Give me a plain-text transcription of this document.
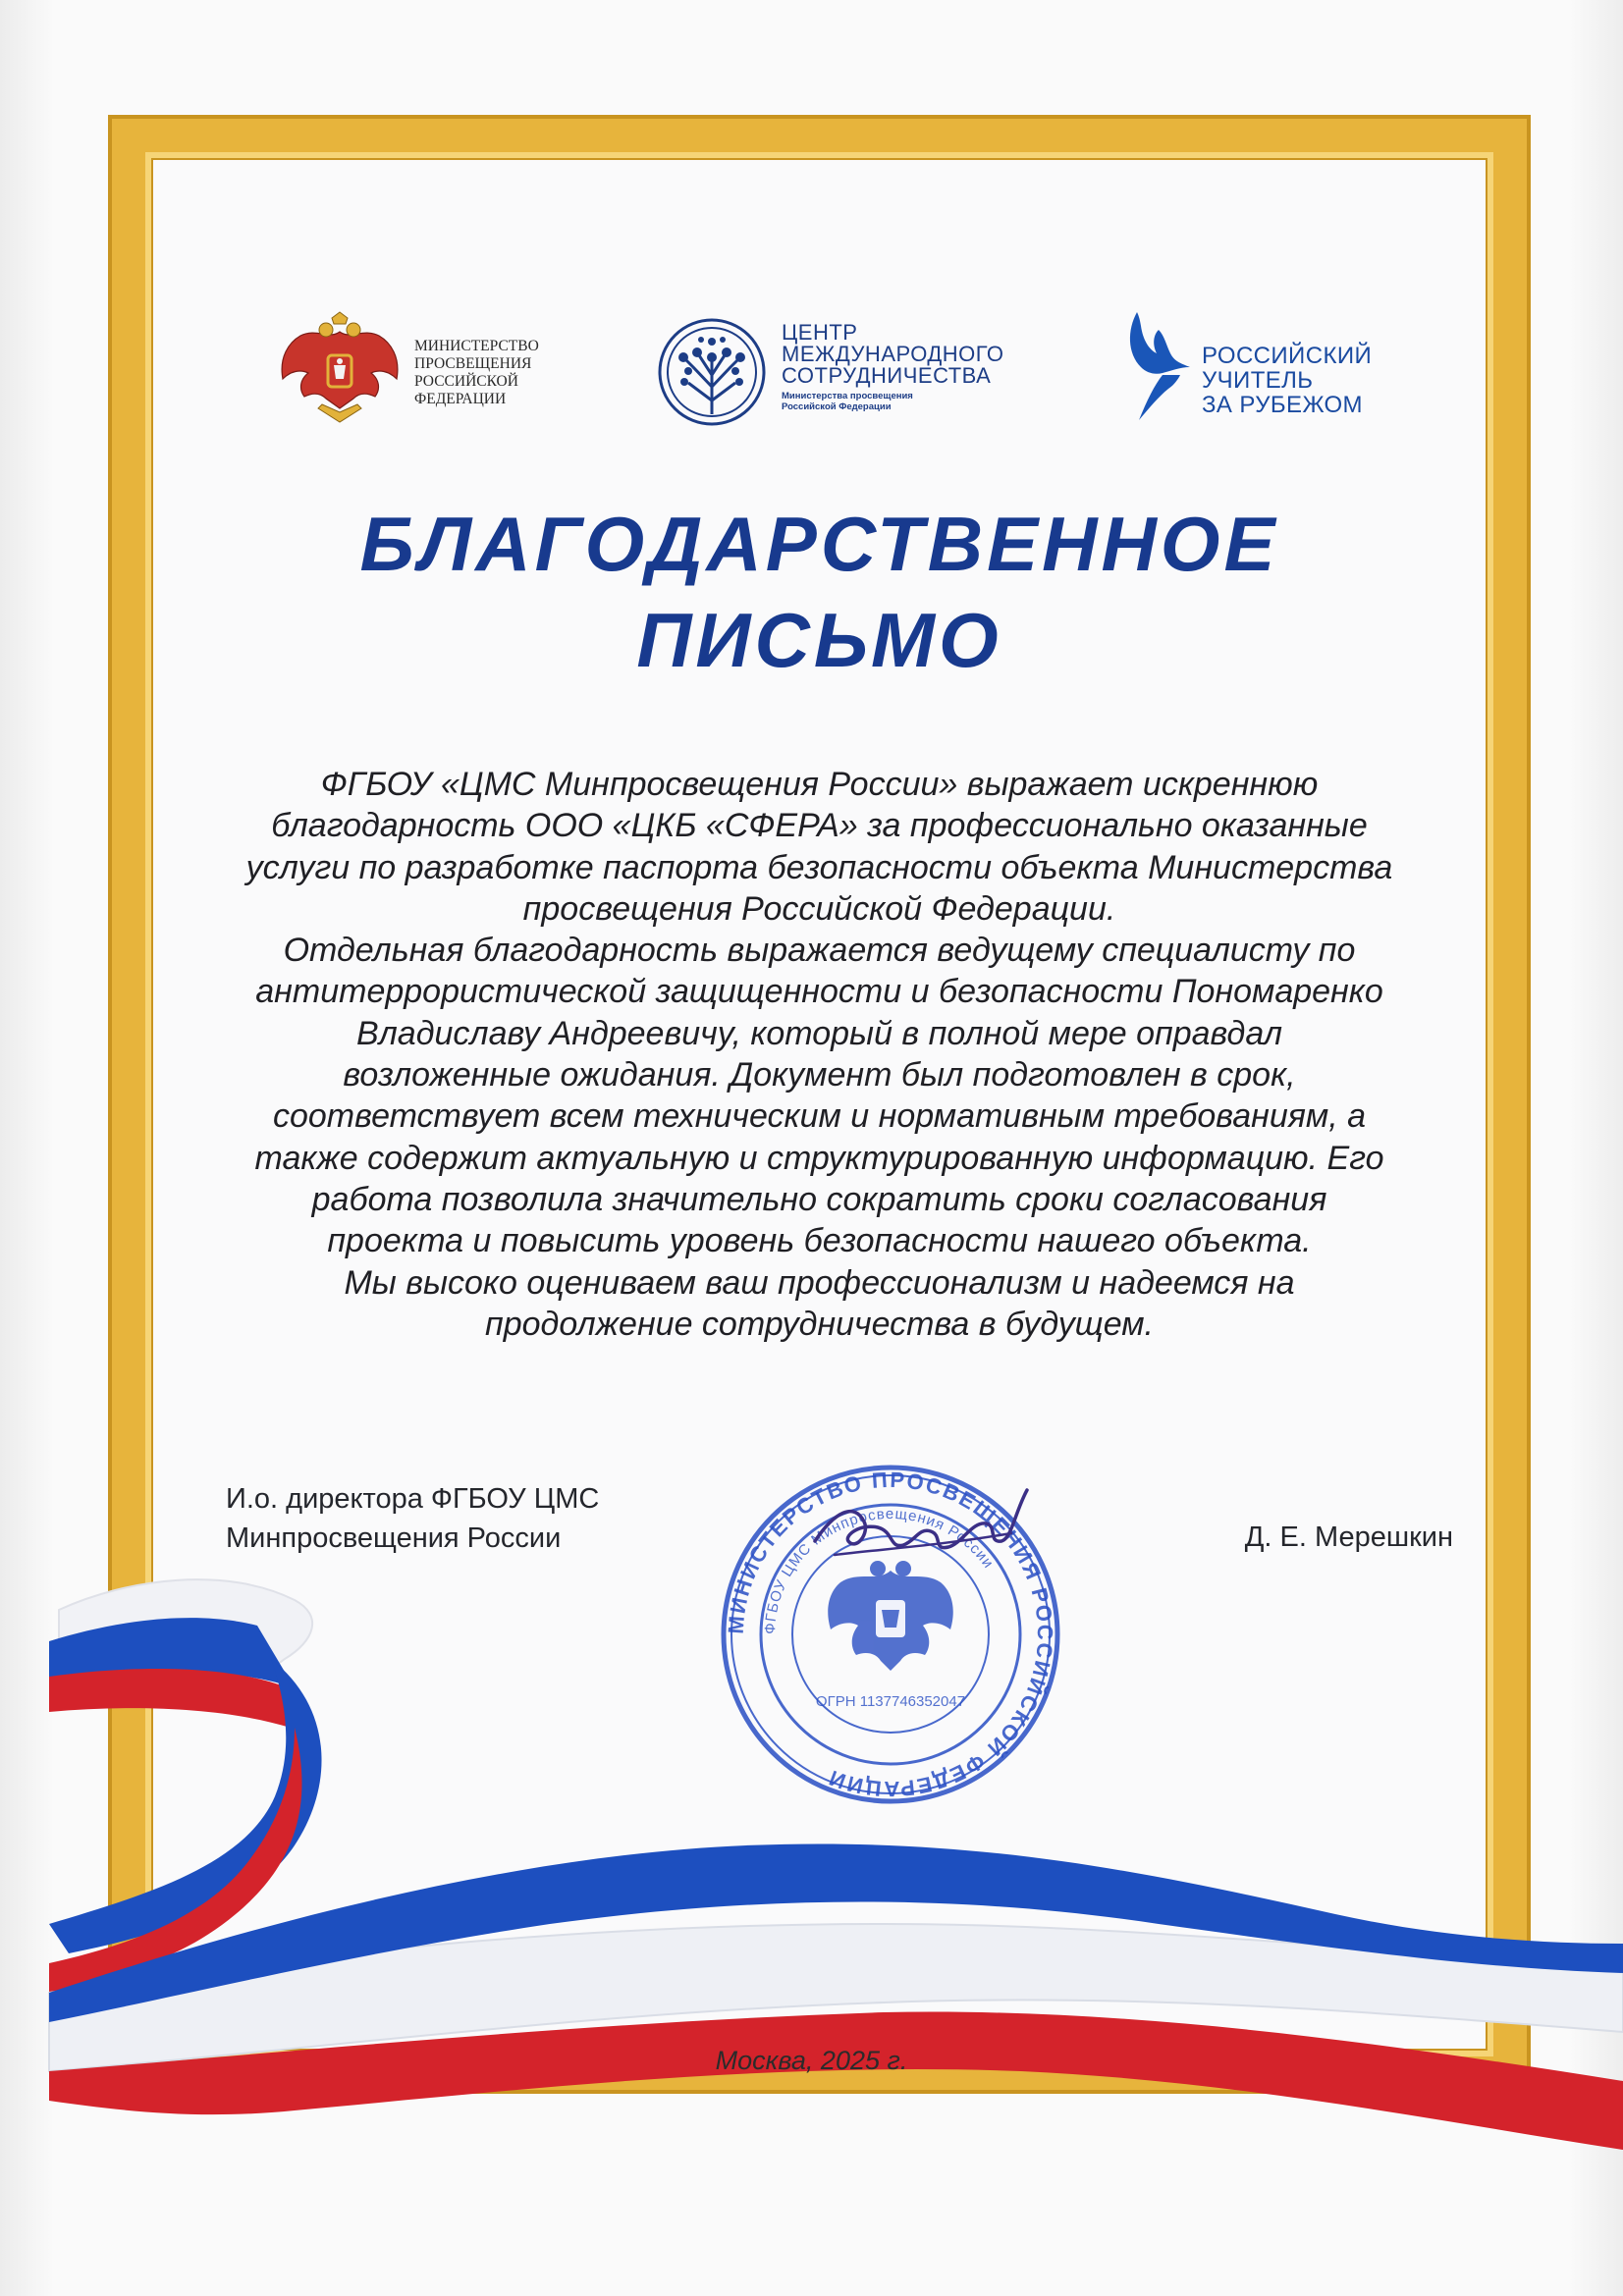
МИНИСТЕРСТВО
ПРОСВЕЩЕНИЯ
РОССИЙСКОЙ
ФЕДЕРАЦИИ
ЦЕНТР
МЕЖДУНАРОДНОГО
СОТРУДНИЧЕСТВА
Министерства просвещения
Российской Федерации
РОССИЙСКИЙ
УЧИТЕЛЬ
ЗА РУБЕЖОМ
БЛАГОДАРСТВЕННОЕ
ПИСЬМО
ФГБОУ «ЦМС Минпросвещения России» выражает искреннюю
благодарность ООО «ЦКБ «СФЕРА» за профессионально оказанные
услуги по разработке паспорта безопасности объекта Министерства
просвещения Российской Федерации.
Отдельная благодарность выражается ведущему специалисту по
антитеррористической защищенности и безопасности Пономаренко
Владиславу Андреевичу, который в полной мере оправдал
возложенные ожидания. Документ был подготовлен в срок,
соответствует всем техническим и нормативным требованиям, а
также содержит актуальную и структурированную информацию. Его
работа позволила значительно сократить сроки согласования
проекта и повысить уровень безопасности нашего объекта.
Мы высоко оцениваем ваш профессионализм и надеемся на
продолжение сотрудничества в будущем.
И.о. директора ФГБОУ ЦМС
Минпросвещения России	Д. Е. Мерешкин
МИНИСТЕРСТВО ПРОСВЕЩЕНИЯ РОССИЙСКОЙ ФЕДЕРАЦИИ
ФГБОУ ЦМС Минпросвещения России
ОГРН 1137746352047
Москва, 2025 г.
